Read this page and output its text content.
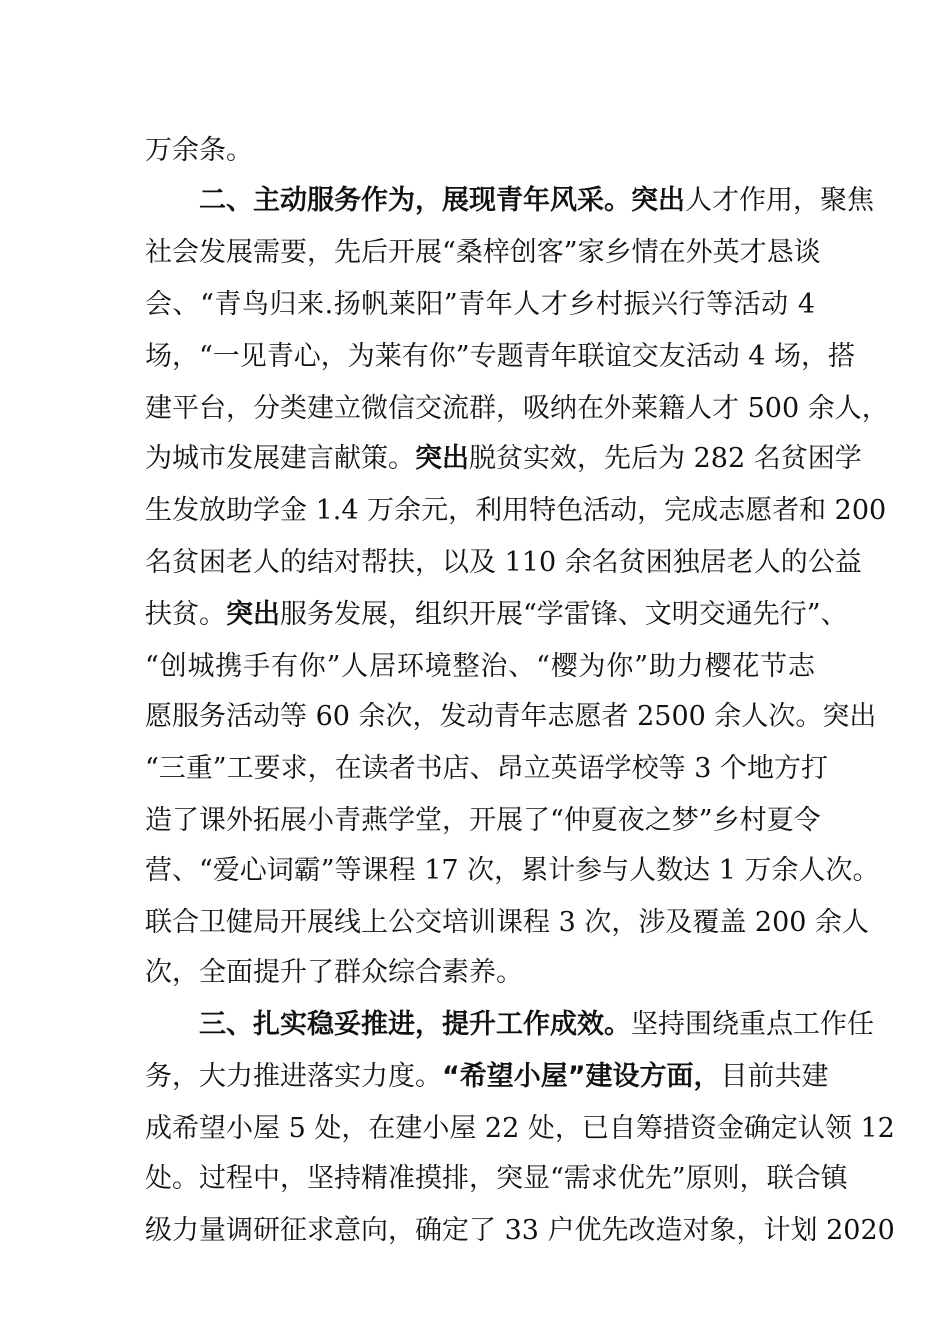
万余条。
二、主动服务作为，展现青年风采。突出人才作用，聚焦
社会发展需要，先后开展“桑梓创客”家乡情在外英才恳谈
会、“青鸟归来.扬帆莱阳”青年人才乡村振兴行等活动 4
场，“一见青心，为莱有你”专题青年联谊交友活动 4 场，搭
建平台，分类建立微信交流群，吸纳在外莱籍人才 500 余人，
为城市发展建言献策。突出脱贫实效，先后为 282 名贫困学
生发放助学金 1.4 万余元，利用特色活动，完成志愿者和 200
名贫困老人的结对帮扶，以及 110 余名贫困独居老人的公益
扶贫。突出服务发展，组织开展“学雷锋、文明交通先行”、
“创城携手有你”人居环境整治、“樱为你”助力樱花节志
愿服务活动等 60 余次，发动青年志愿者 2500 余人次。突出
“三重”工要求，在读者书店、昂立英语学校等 3 个地方打
造了课外拓展小青燕学堂，开展了“仲夏夜之梦”乡村夏令
营、“爱心词霸”等课程 17 次，累计参与人数达 1 万余人次。
联合卫健局开展线上公交培训课程 3 次，涉及覆盖 200 余人
次，全面提升了群众综合素养。
三、扎实稳妥推进，提升工作成效。坚持围绕重点工作任
务，大力推进落实力度。“希望小屋”建设方面，目前共建
成希望小屋 5 处，在建小屋 22 处，已自筹措资金确定认领 12
处。过程中，坚持精准摸排，突显“需求优先”原则，联合镇
级力量调研征求意向，确定了 33 户优先改造对象，计划 2020
